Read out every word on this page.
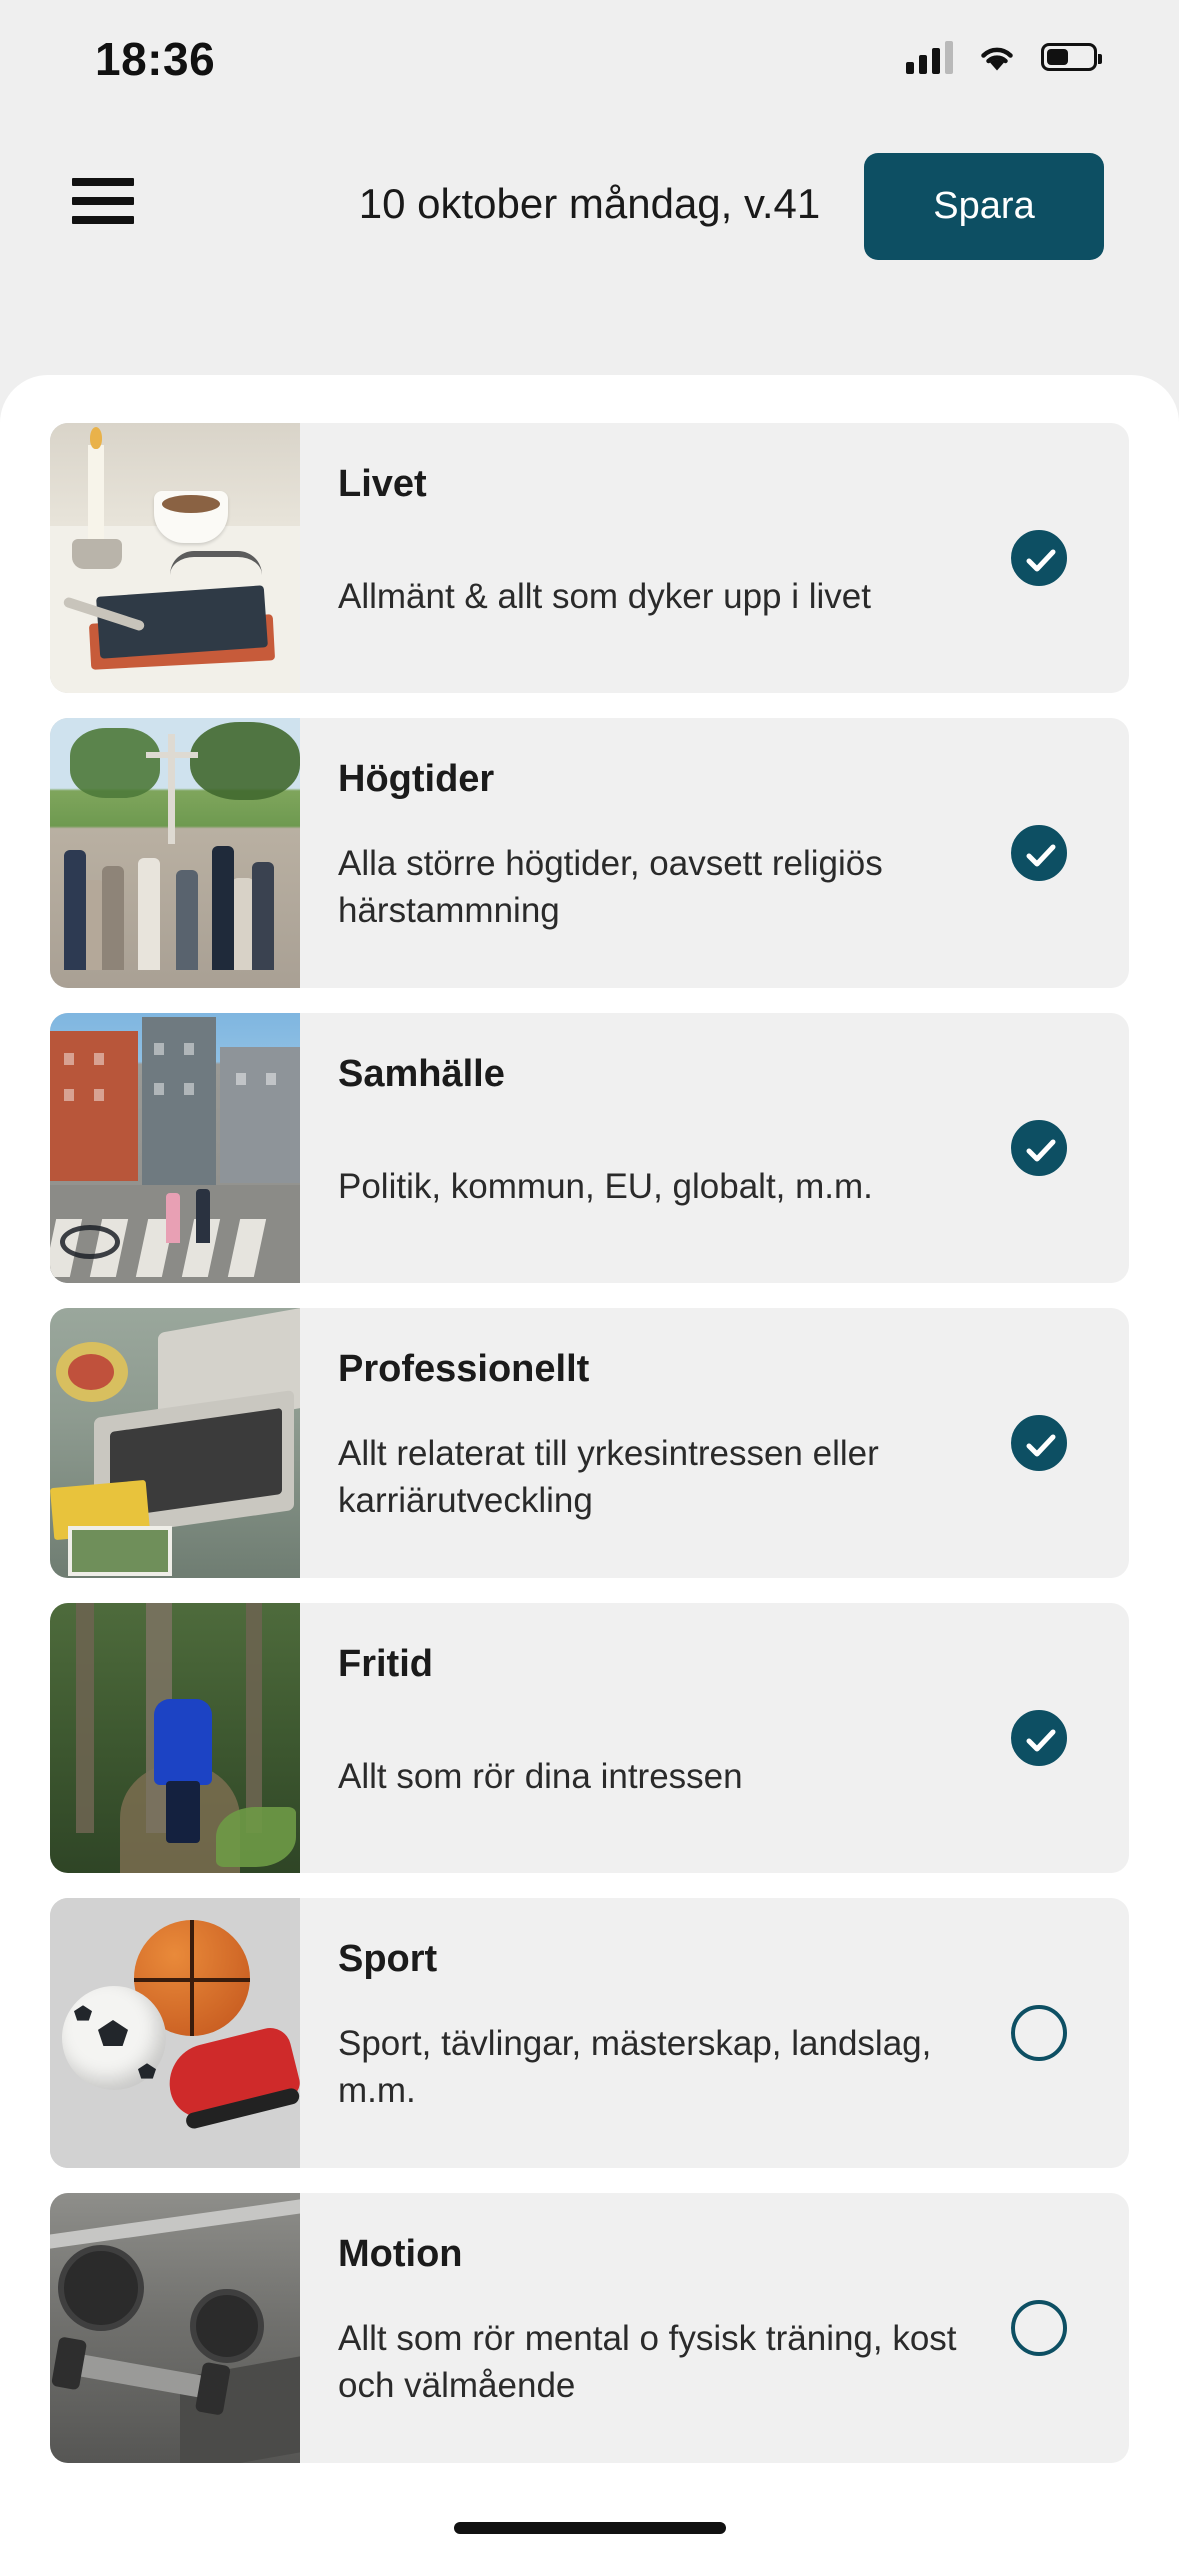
18:36
10 oktober måndag, v.41	Spara
Livet
Allmänt & allt som dyker upp i livet
Högtider
Alla större högtider, oavsett religiös härstammning
Samhälle
Politik, kommun, EU, globalt, m.m.
Professionellt
Allt relaterat till yrkesintressen eller karriärutveckling
Fritid
Allt som rör dina intressen
Sport
Sport, tävlingar, mästerskap, landslag, m.m.
Motion
Allt som rör mental o fysisk träning, kost och välmående
